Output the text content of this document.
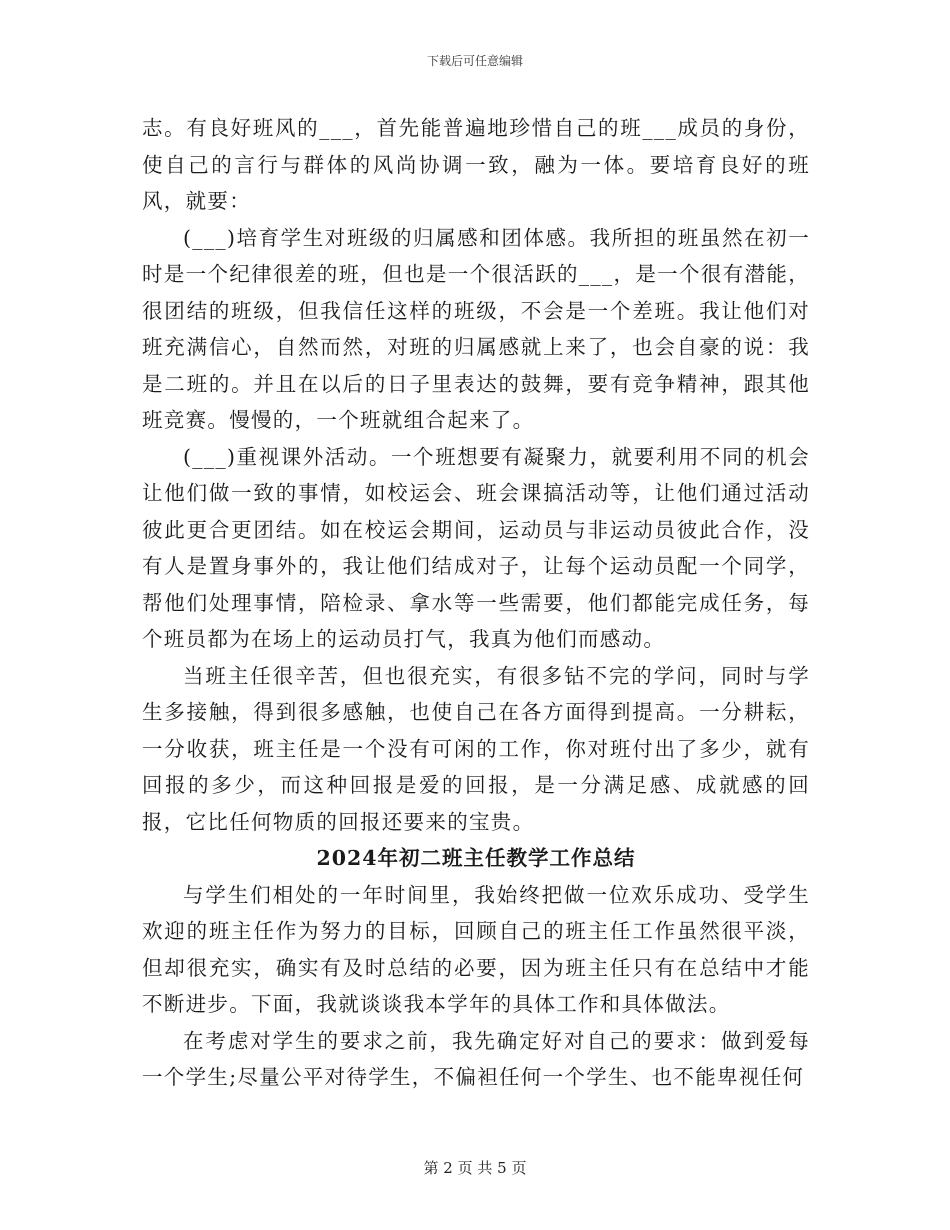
下载后可任意编辑

志。有良好班风的___，首先能普遍地珍惜自己的班___成员的身份，使自己的言行与群体的风尚协调一致，融为一体。要培育良好的班风，就要：

(___)培育学生对班级的归属感和团体感。我所担的班虽然在初一时是一个纪律很差的班，但也是一个很活跃的___，是一个很有潜能，很团结的班级，但我信任这样的班级，不会是一个差班。我让他们对班充满信心，自然而然，对班的归属感就上来了，也会自豪的说：我是二班的。并且在以后的日子里表达的鼓舞，要有竞争精神，跟其他班竞赛。慢慢的，一个班就组合起来了。

(___)重视课外活动。一个班想要有凝聚力，就要利用不同的机会让他们做一致的事情，如校运会、班会课搞活动等，让他们通过活动彼此更合更团结。如在校运会期间，运动员与非运动员彼此合作，没有人是置身事外的，我让他们结成对子，让每个运动员配一个同学，帮他们处理事情，陪检录、拿水等一些需要，他们都能完成任务，每个班员都为在场上的运动员打气，我真为他们而感动。

当班主任很辛苦，但也很充实，有很多钻不完的学问，同时与学生多接触，得到很多感触，也使自己在各方面得到提高。一分耕耘，一分收获，班主任是一个没有可闲的工作，你对班付出了多少，就有回报的多少，而这种回报是爱的回报，是一分满足感、成就感的回报，它比任何物质的回报还要来的宝贵。

2024年初二班主任教学工作总结

与学生们相处的一年时间里，我始终把做一位欢乐成功、受学生欢迎的班主任作为努力的目标，回顾自己的班主任工作虽然很平淡，但却很充实，确实有及时总结的必要，因为班主任只有在总结中才能不断进步。下面，我就谈谈我本学年的具体工作和具体做法。

在考虑对学生的要求之前，我先确定好对自己的要求：做到爱每一个学生;尽量公平对待学生，不偏袒任何一个学生、也不能卑视任何

第 2 页 共 5 页
